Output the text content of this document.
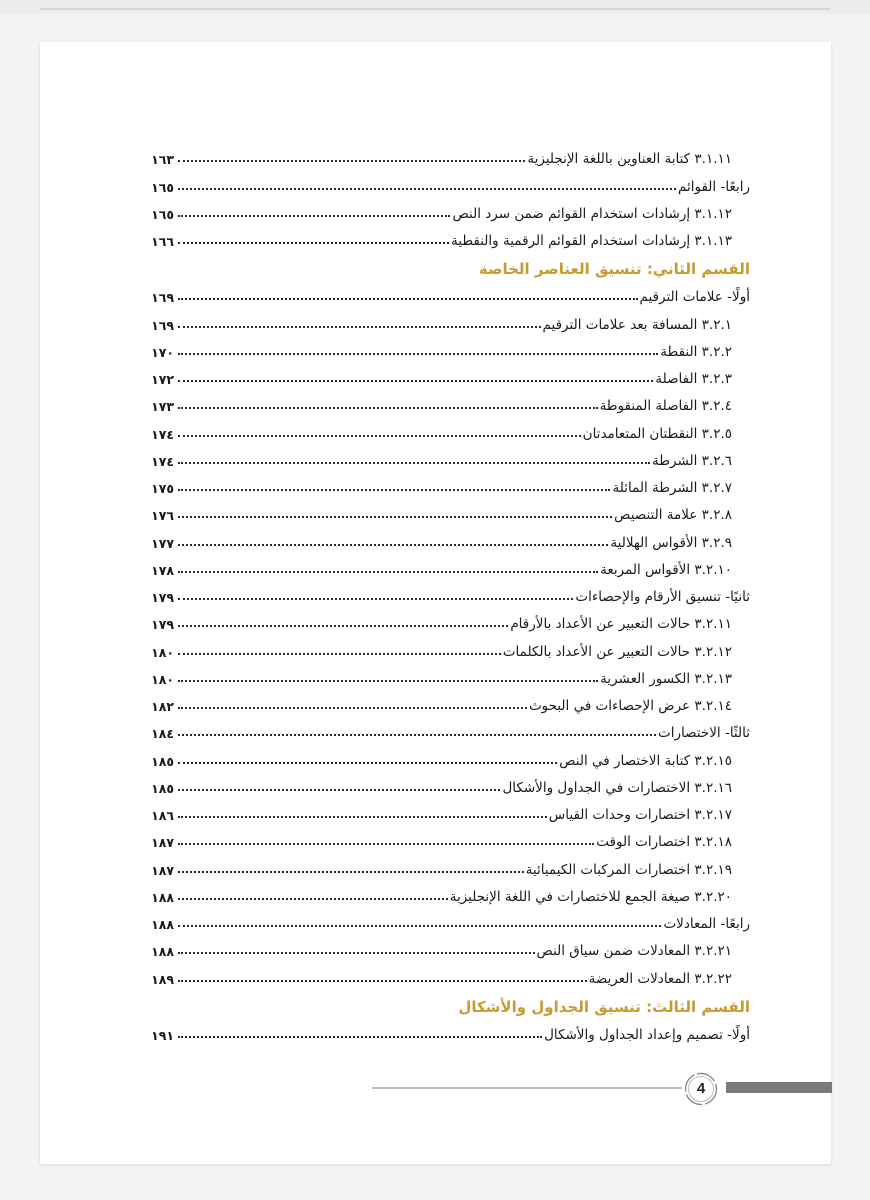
٣.١.١١ كتابة العناوين باللغة الإنجليزية
١٦٣
رابعًا- القوائم
١٦٥
٣.١.١٢ إرشادات استخدام القوائم ضمن سرد النص
١٦٥
٣.١.١٣ إرشادات استخدام القوائم الرقمية والنقطية
١٦٦
القسم الثاني: تنسيق العناصر الخاصة
أولًا- علامات الترقيم
١٦٩
٣.٢.١ المسافة بعد علامات الترقيم
١٦٩
٣.٢.٢ النقطة
١٧٠
٣.٢.٣ الفاصلة
١٧٢
٣.٢.٤ الفاصلة المنقوطة
١٧٣
٣.٢.٥ النقطتان المتعامدتان
١٧٤
٣.٢.٦ الشرطة
١٧٤
٣.٢.٧ الشرطة المائلة
١٧٥
٣.٢.٨ علامة التنصيص
١٧٦
٣.٢.٩ الأقواس الهلالية
١٧٧
٣.٢.١٠ الأقواس المربعة
١٧٨
ثانيًا- تنسيق الأرقام والإحصاءات
١٧٩
٣.٢.١١ حالات التعبير عن الأعداد بالأرقام
١٧٩
٣.٢.١٢ حالات التعبير عن الأعداد بالكلمات
١٨٠
٣.٢.١٣ الكسور العشرية
١٨٠
٣.٢.١٤ عرض الإحصاءات في البحوث
١٨٢
ثالثًا- الاختصارات
١٨٤
٣.٢.١٥ كتابة الاختصار في النص
١٨٥
٣.٢.١٦ الاختصارات في الجداول والأشكال
١٨٥
٣.٢.١٧ اختصارات وحدات القياس
١٨٦
٣.٢.١٨ اختصارات الوقت
١٨٧
٣.٢.١٩ اختصارات المركبات الكيميائية
١٨٧
٣.٢.٢٠ صيغة الجمع للاختصارات في اللغة الإنجليزية
١٨٨
رابعًا- المعادلات
١٨٨
٣.٢.٢١ المعادلات ضمن سياق النص
١٨٨
٣.٢.٢٢ المعادلات العريضة
١٨٩
القسم الثالث: تنسيق الجداول والأشكال
أولًا- تصميم وإعداد الجداول والأشكال
١٩١
4
